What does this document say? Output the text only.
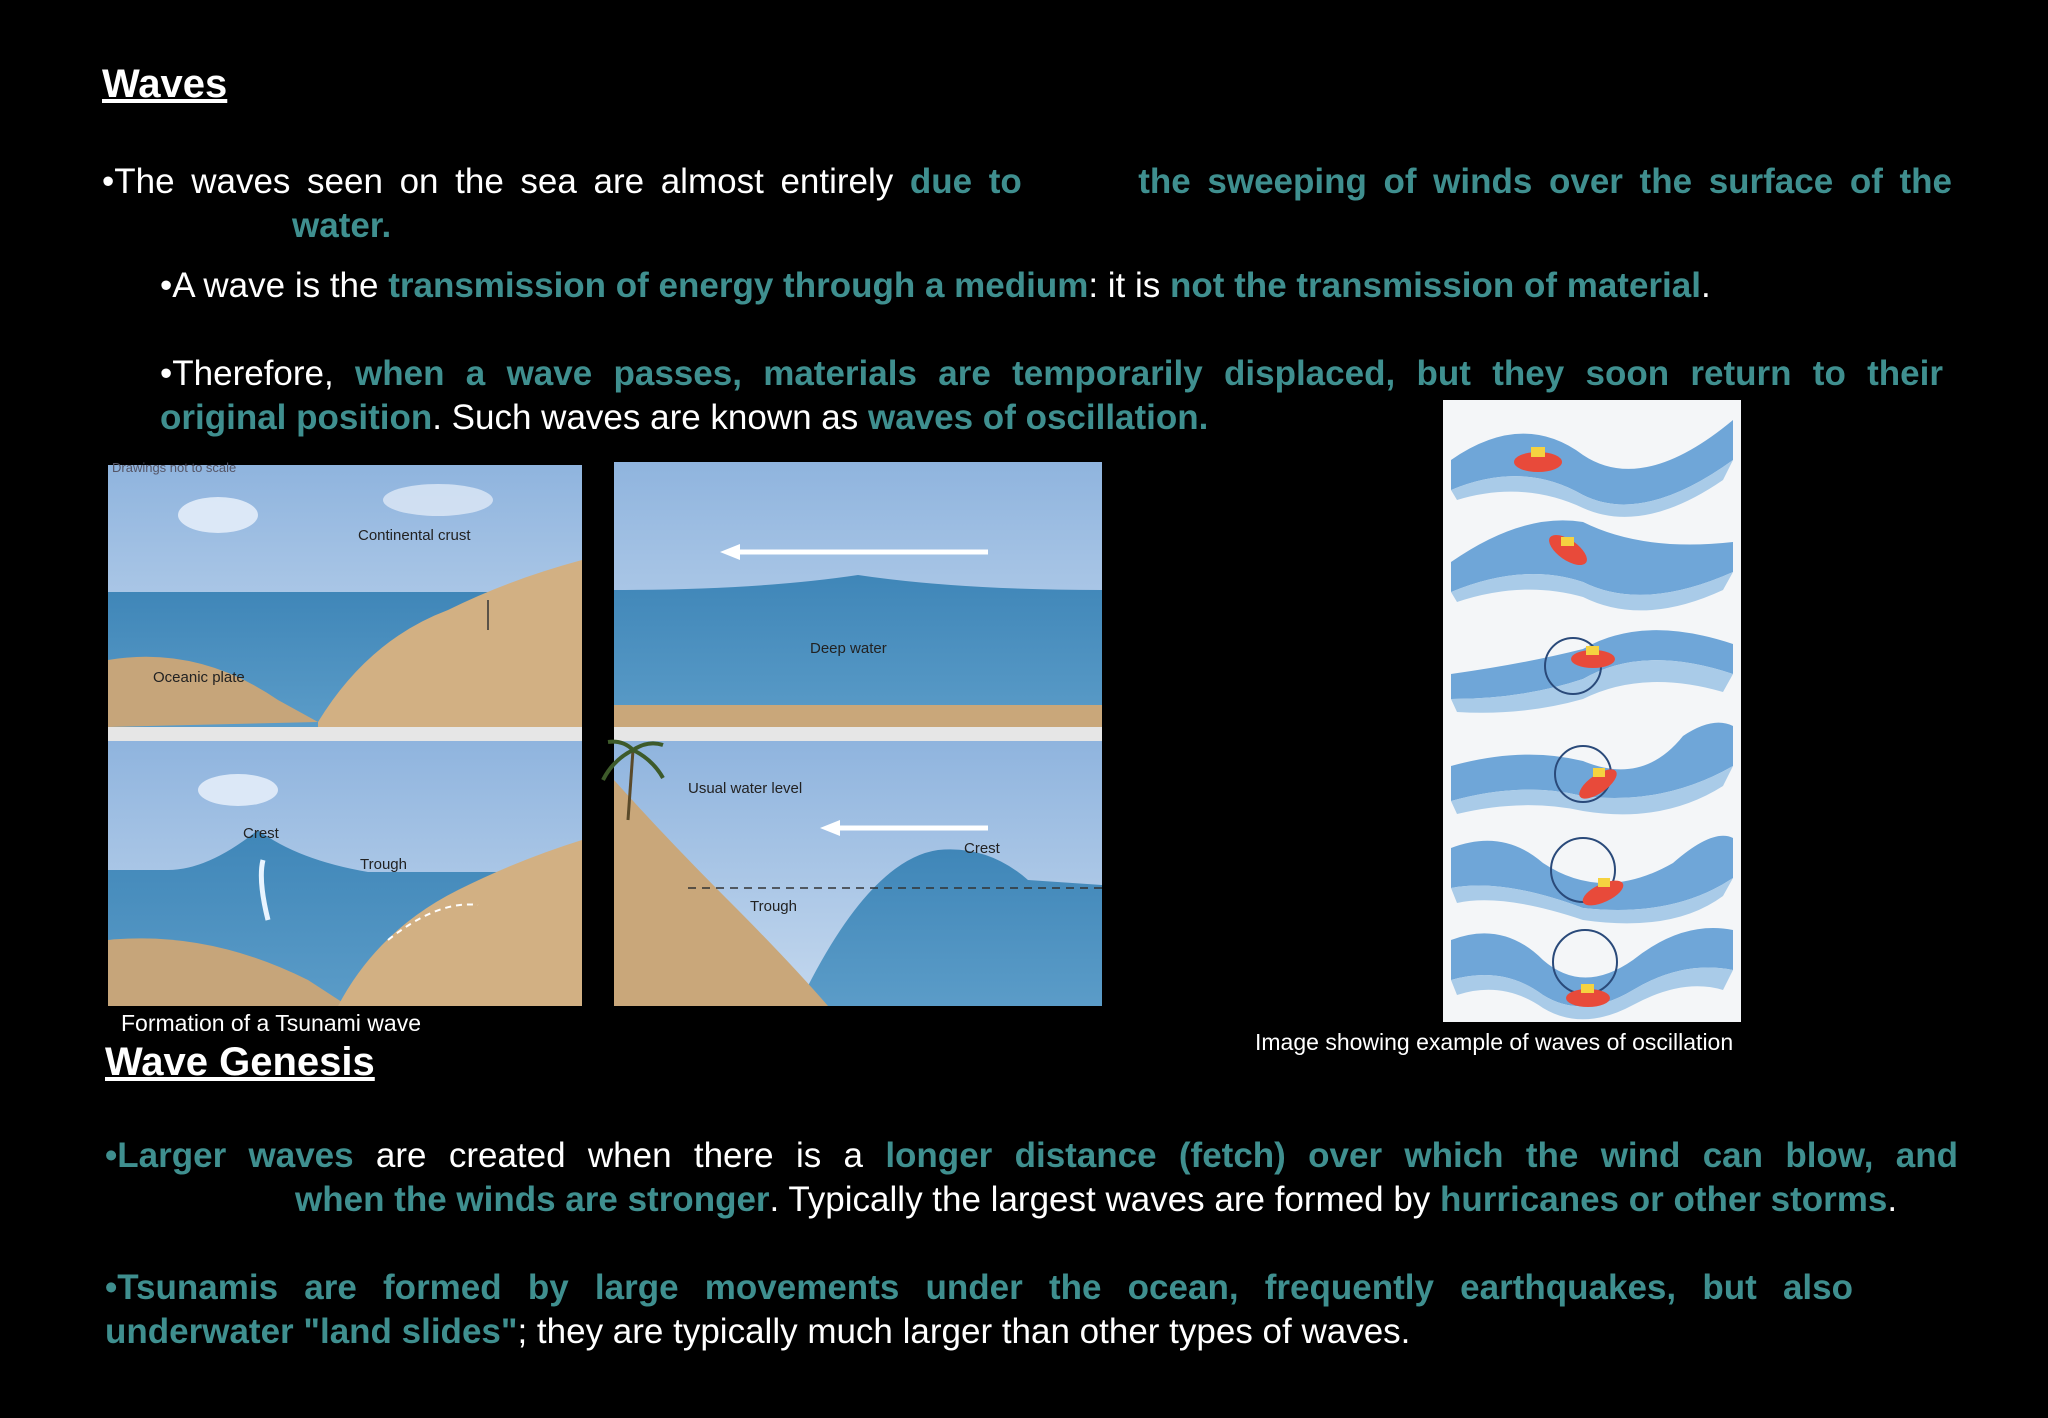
Waves
•The waves seen on the sea are almost entirely due to	the sweeping of winds over the surface of the
water.
•A wave is the transmission of energy through a medium: it is not the transmission of material.
•Therefore, when a wave passes, materials are temporarily displaced, but they soon return to their
original position. Such waves are known as waves of oscillation.
Drawings not to scale
Continental crust
Oceanic plate
Deep water
Crest
Trough
Usual water level
Crest
Trough
Formation of a Tsunami wave
Image showing example of waves of oscillation
Wave Genesis
•Larger waves are created when there is a longer distance (fetch) over which the wind can blow, and
when the winds are stronger. Typically the largest waves are formed by hurricanes or other storms.
•Tsunamis are formed by large movements under the ocean, frequently earthquakes, but also
underwater "land slides"; they are typically much larger than other types of waves.
